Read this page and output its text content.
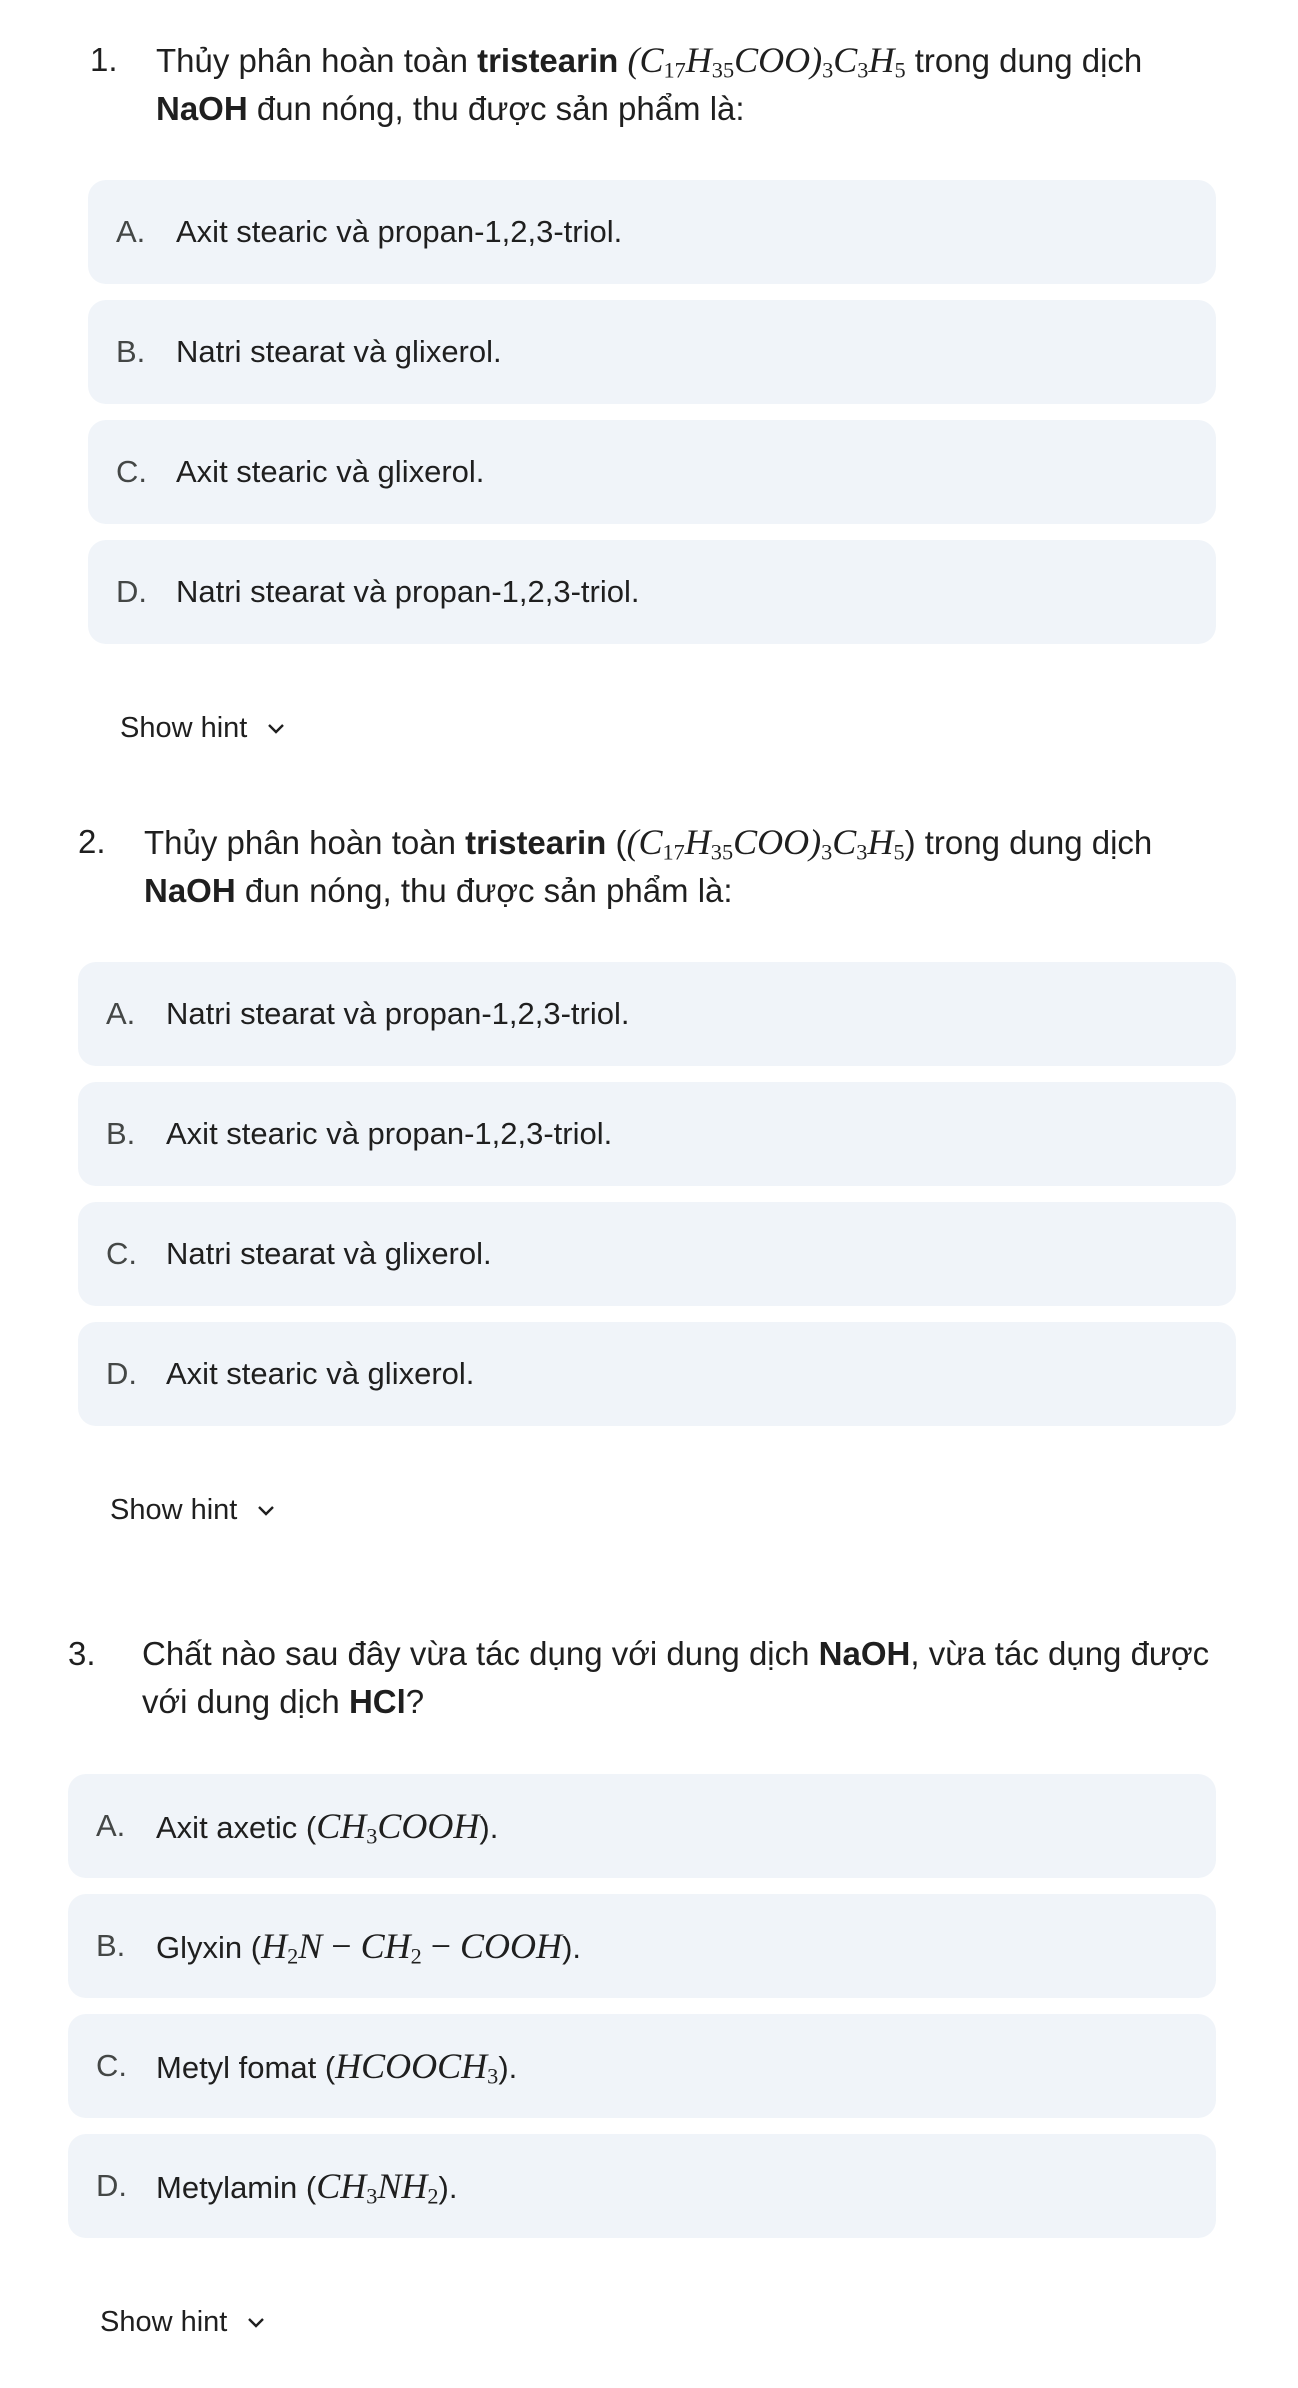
1. Thủy phân hoàn toàn tristearin $(C_{17}H_{35}COO)_3C_3H_5$ trong dung dịch
NaOH đun nóng, thu được sản phẩm là:
A. Axit stearic và propan-1,2,3-triol.
B. Natri stearat và glixerol.
C. Axit stearic và glixerol.
D. Natri stearat và propan-1,2,3-triol.
Show hint
2. Thủy phân hoàn toàn tristearin $((C_{17}H_{35}COO)_3C_3H_5)$ trong dung dịch
NaOH đun nóng, thu được sản phẩm là:
A. Natri stearat và propan-1,2,3-triol.
B. Axit stearic và propan-1,2,3-triol.
C. Natri stearat và glixerol.
D. Axit stearic và glixerol.
Show hint
3. Chất nào sau đây vừa tác dụng với dung dịch NaOH, vừa tác dụng được
với dung dịch HCl?
A. Axit axetic $(CH_3COOH)$.
B. Glyxin ($H_2N - CH_2$ − COOH).
C. Metyl fomat $(HCOOCH_3)$.
D. Metylamin $(CH_3NH_2)$.
Show hint
